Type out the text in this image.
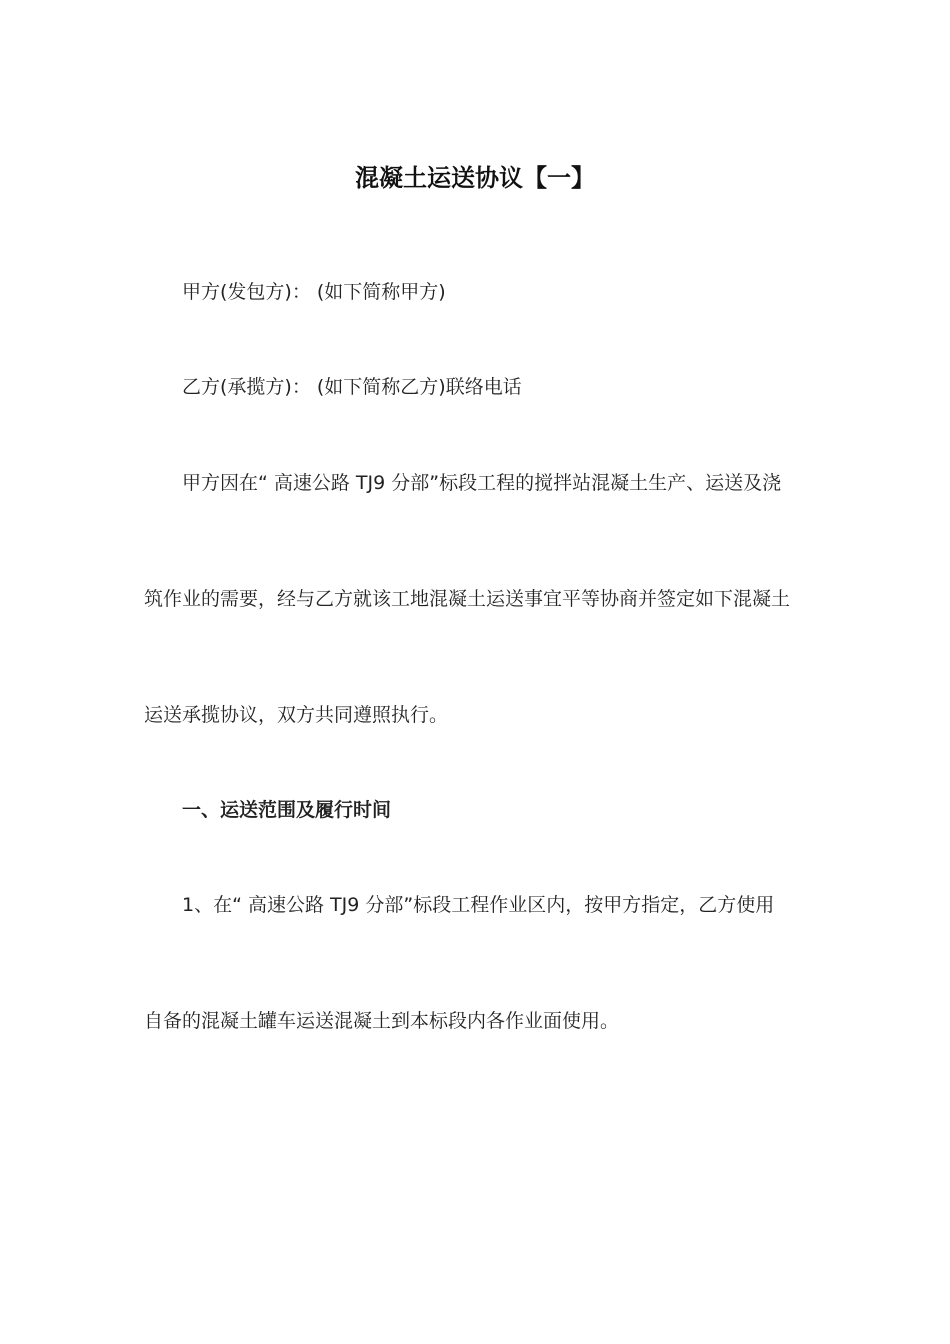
混凝土运送协议【一】
甲方(发包方)： (如下简称甲方)
乙方(承揽方)： (如下简称乙方)联络电话
甲方因在“ 高速公路 TJ9 分部”标段工程的搅拌站混凝土生产、运送及浇
筑作业的需要，经与乙方就该工地混凝土运送事宜平等协商并签定如下混凝土
运送承揽协议，双方共同遵照执行。
一、运送范围及履行时间
1、在“ 高速公路 TJ9 分部”标段工程作业区内，按甲方指定，乙方使用
自备的混凝土罐车运送混凝土到本标段内各作业面使用。
